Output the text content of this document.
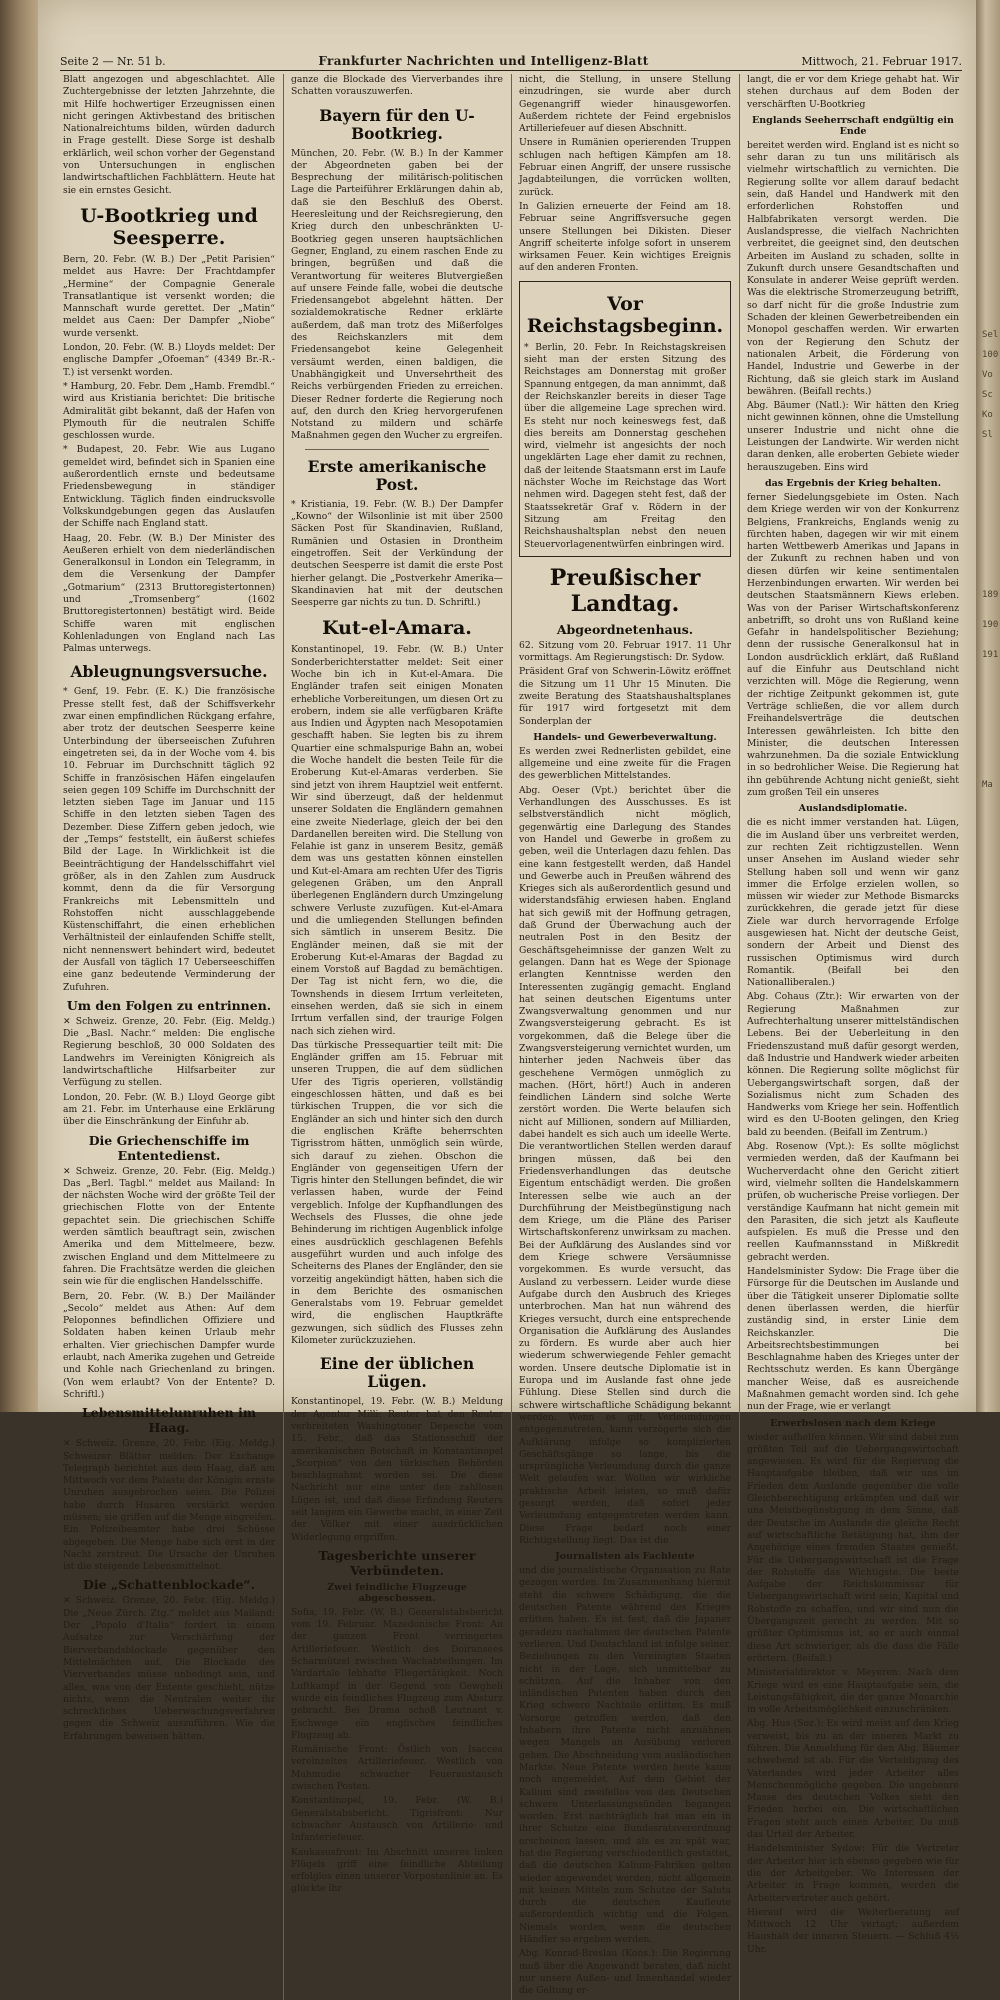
Seite 2 — Nr. 51 b.	Frankfurter Nachrichten und Intelligenz-Blatt	Mittwoch, 21. Februar 1917.

Blatt angezogen und abgeschlachtet. Alle Zuchtergebnisse der letzten Jahrzehnte, die mit Hilfe hochwertiger Erzeugnissen einen nicht geringen Aktivbestand des britischen Nationalreichtums bilden, würden dadurch in Frage gestellt. Diese Sorge ist deshalb erklärlich, weil schon vorher der Gegenstand von Untersuchungen in englischen landwirtschaftlichen Fachblättern. Heute hat sie ein ernstes Gesicht.

U-Bootkrieg und Seesperre.

Bern, 20. Febr. (W. B.) Der „Petit Parisien“ meldet aus Havre: Der Frachtdampfer „Hermine“ der Compagnie Generale Transatlantique ist versenkt worden; die Mannschaft wurde gerettet. Der „Matin“ meldet aus Caen: Der Dampfer „Niobe“ wurde versenkt.

London, 20. Febr. (W. B.) Lloyds meldet: Der englische Dampfer „Ofoeman“ (4349 Br.-R.-T.) ist versenkt worden.

* Hamburg, 20. Febr. Dem „Hamb. Fremdbl.“ wird aus Kristiania berichtet: Die britische Admiralität gibt bekannt, daß der Hafen von Plymouth für die neutralen Schiffe geschlossen wurde.

* Budapest, 20. Febr. Wie aus Lugano gemeldet wird, befindet sich in Spanien eine außerordentlich ernste und bedeutsame Friedensbewegung in ständiger Entwicklung. Täglich finden eindrucksvolle Volkskundgebungen gegen das Auslaufen der Schiffe nach England statt.

Haag, 20. Febr. (W. B.) Der Minister des Aeußeren erhielt von dem niederländischen Generalkonsul in London ein Telegramm, in dem die Versenkung der Dampfer „Gotmarium“ (2313 Bruttoregistertonnen) und „Tromsenberg“ (1602 Bruttoregistertonnen) bestätigt wird. Beide Schiffe waren mit englischen Kohlenladungen von England nach Las Palmas unterwegs.

Ableugnungsversuche.

* Genf, 19. Febr. (E. K.) Die französische Presse stellt fest, daß der Schiffsverkehr zwar einen empfindlichen Rückgang erfahre, aber trotz der deutschen Seesperre keine Unterbindung der überseeischen Zufuhren eingetreten sei, da in der Woche vom 4. bis 10. Februar im Durchschnitt täglich 92 Schiffe in französischen Häfen eingelaufen seien gegen 109 Schiffe im Durchschnitt der letzten sieben Tage im Januar und 115 Schiffe in den letzten sieben Tagen des Dezember. Diese Ziffern geben jedoch, wie der „Temps“ feststellt, ein äußerst schiefes Bild der Lage. In Wirklichkeit ist die Beeinträchtigung der Handelsschiffahrt viel größer, als in den Zahlen zum Ausdruck kommt, denn da die für Versorgung Frankreichs mit Lebensmitteln und Rohstoffen nicht ausschlaggebende Küstenschiffahrt, die einen erheblichen Verhältnisteil der einlaufenden Schiffe stellt, nicht nennenswert behindert wird, bedeutet der Ausfall von täglich 17 Ueberseeschiffen eine ganz bedeutende Verminderung der Zufuhren.

Um den Folgen zu entrinnen.

✕ Schweiz. Grenze, 20. Febr. (Eig. Meldg.) Die „Basl. Nachr.“ melden: Die englische Regierung beschloß, 30 000 Soldaten des Landwehrs im Vereinigten Königreich als landwirtschaftliche Hilfsarbeiter zur Verfügung zu stellen.

London, 20. Febr. (W. B.) Lloyd George gibt am 21. Febr. im Unterhause eine Erklärung über die Einschränkung der Einfuhr ab.

Die Griechenschiffe im Ententedienst.

✕ Schweiz. Grenze, 20. Febr. (Eig. Meldg.) Das „Berl. Tagbl.“ meldet aus Mailand: In der nächsten Woche wird der größte Teil der griechischen Flotte von der Entente gepachtet sein. Die griechischen Schiffe werden sämtlich beauftragt sein, zwischen Amerika und dem Mittelmeere, bezw. zwischen England und dem Mittelmeere zu fahren. Die Frachtsätze werden die gleichen sein wie für die englischen Handelsschiffe.

Bern, 20. Febr. (W. B.) Der Mailänder „Secolo“ meldet aus Athen: Auf dem Peloponnes befindlichen Offiziere und Soldaten haben keinen Urlaub mehr erhalten. Vier griechischen Dampfer wurde erlaubt, nach Amerika zugehen und Getreide und Kohle nach Griechenland zu bringen. (Von wem erlaubt? Von der Entente? D. Schriftl.)

Lebensmittelunruhen im Haag.

✕ Schweiz. Grenze, 20. Febr. (Eig. Meldg.) Schweizer Blätter melden: Der Exchange Telegraph berichtet aus dem Haag, daß am Mittwoch vor dem Palaste der Königin ernste Unruhen ausgebrochen seien. Die Polizei habe durch Husaren verstärkt werden müssen; sie griffen auf die Menge eingreifen. Ein Polizeibeamter habe drei Schüsse abgegeben. Die Menge habe sich erst in der Nacht zerstreut. Die Ursache der Unruhen ist die steigende Lebensmittelnot.

Die „Schattenblockade“.

✕ Schweiz. Grenze, 20. Febr. (Eig. Meldg.) Die „Neue Zürch. Ztg.“ meldet aus Mailand: Der „Popolo d'Italia“ fordert in einem Aufsatze zur Verschärfung der Bierverbandsblockade gegenüber den Mittelmächten auf. Die Blockade des Vierverbandes müsse unbedingt sein, und alles, was von der Entente geschieht, nütze nichts, wenn die Neutralen weiter ihr schreckliches Ueberwachungsverfahren gegen die Schweiz auszuführen. Wie die Erfahrungen beweisen hätten.

ganze die Blockade des Vierverbandes ihre Schatten vorauszuwerfen.

Bayern für den U-Bootkrieg.

München, 20. Febr. (W. B.) In der Kammer der Abgeordneten gaben bei der Besprechung der militärisch-politischen Lage die Parteiführer Erklärungen dahin ab, daß sie den Beschluß des Oberst. Heeresleitung und der Reichsregierung, den Krieg durch den unbeschränkten U-Bootkrieg gegen unseren hauptsächlichen Gegner, England, zu einem raschen Ende zu bringen, begrüßen und daß die Verantwortung für weiteres Blutvergießen auf unsere Feinde falle, wobei die deutsche Friedensangebot abgelehnt hätten. Der sozialdemokratische Redner erklärte außerdem, daß man trotz des Mißerfolges des Reichskanzlers mit dem Friedensangebot keine Gelegenheit versäumt werden, einen baldigen, die Unabhängigkeit und Unversehrtheit des Reichs verbürgenden Frieden zu erreichen. Dieser Redner forderte die Regierung noch auf, den durch den Krieg hervorgerufenen Notstand zu mildern und schärfe Maßnahmen gegen den Wucher zu ergreifen.

Erste amerikanische Post.

* Kristiania, 19. Febr. (W. B.) Der Dampfer „Kowno“ der Wilsonlinie ist mit über 2500 Säcken Post für Skandinavien, Rußland, Rumänien und Ostasien in Drontheim eingetroffen. Seit der Verkündung der deutschen Seesperre ist damit die erste Post hierher gelangt. Die „Postverkehr Amerika—Skandinavien hat mit der deutschen Seesperre gar nichts zu tun. D. Schriftl.)

Kut-el-Amara.

Konstantinopel, 19. Febr. (W. B.) Unter Sonderberichterstatter meldet: Seit einer Woche bin ich in Kut-el-Amara. Die Engländer trafen seit einigen Monaten erhebliche Vorbereitungen, um diesen Ort zu erobern, indem sie alle verfügbaren Kräfte aus Indien und Ägypten nach Mesopotamien geschafft haben. Sie legten bis zu ihrem Quartier eine schmalspurige Bahn an, wobei die Woche handelt die besten Teile für die Eroberung Kut-el-Amaras verderben. Sie sind jetzt von ihrem Hauptziel weit entfernt. Wir sind überzeugt, daß der heldenmut unserer Soldaten die Engländern gemahnen eine zweite Niederlage, gleich der bei den Dardanellen bereiten wird. Die Stellung von Felahie ist ganz in unserem Besitz, gemäß dem was uns gestatten können einstellen und Kut-el-Amara am rechten Ufer des Tigris gelegenen Gräben, um den Anprall überlegenen Engländern durch Umzingelung schwere Verluste zuzufügen. Kut-el-Amara und die umliegenden Stellungen befinden sich sämtlich in unserem Besitz. Die Engländer meinen, daß sie mit der Eroberung Kut-el-Amaras der Bagdad zu einem Vorstoß auf Bagdad zu bemächtigen. Der Tag ist nicht fern, wo die, die Townshends in diesem Irrtum verleiteten, einsehen werden, daß sie sich in einem Irrtum verfallen sind, der traurige Folgen nach sich ziehen wird.

Das türkische Pressequartier teilt mit: Die Engländer griffen am 15. Februar mit unseren Truppen, die auf dem südlichen Ufer des Tigris operieren, vollständig eingeschlossen hätten, und daß es bei türkischen Truppen, die vor sich die Engländer an sich und hinter sich den durch die englischen Kräfte beherrschten Tigrisstrom hätten, unmöglich sein würde, sich darauf zu ziehen. Obschon die Engländer von gegenseitigen Ufern der Tigris hinter den Stellungen befindet, die wir verlassen haben, wurde der Feind vergeblich. Infolge der Kupfhandlungen des Wechsels des Flusses, die ohne jede Behinderung im richtigen Augenblick infolge eines ausdrücklich geschlagenen Befehls ausgeführt wurden und auch infolge des Scheiterns des Planes der Engländer, den sie vorzeitig angekündigt hätten, haben sich die in dem Berichte des osmanischen Generalstabs vom 19. Februar gemeldet wird, die englischen Hauptkräfte gezwungen, sich südlich des Flusses zehn Kilometer zurückzuziehen.

Eine der üblichen Lügen.

Konstantinopel, 19. Febr. (W. B.) Meldung der Agentur Milli: Reuter hat den Reuter verbreiteten Washingtoner Depesche vom 15. Febr., daß das Stationsschiff der amerikanischen Botschaft in Konstantinopel „Scorpion“ von den türkischen Behörden beschlagnahmt worden sei. Die diese Nachricht nur eine unter den zahllosen Lügen ist, und daß diese Erfindung Reuters seit langem ein Gewerbe macht, in einer Zeit der Völker mit einer ausdrücklichen Widerlegung ergriffen.

Tagesberichte unserer Verbündeten.
Zwei feindliche Flugzeuge abgeschossen.

Sofia, 19. Febr. (W. B.) Generalstabsbericht vom 19. Februar. Mazedonische Front: An der ganzen Front verringertes Artilleriefeuer. Westlich des Doiransees Scharmützel zwischen Wachabteilungen. Im Vardartale lebhafte Fliegertätigkeit. Noch Luftkampf in der Gegend von Gewghelí wurde ein feindliches Flugzeug zum Absturz gebracht. Bei Drama schoß Leutnant v. Eschwege ein englisches feindliches Flugzeug ab.

Rumänische Front: Östlich von Isaccea vereinzeltes Artilleriefeuer. Westlich von Mahmudie schwacher Feueraustausch zwischen Posten.

Konstantinopel, 19. Febr. (W. B.) Generalstabsbericht. Tigrisfront: Nur schwacher Austausch von Artillerie- und Infanteriefeuer.

Kaukasusfront: Im Abschnitt unseres linken Flügels griff eine feindliche Abteilung erfolglos einen unserer Vorpostenlinie an. Es glückte ihr

nicht, die Stellung, in unsere Stellung einzudringen, sie wurde aber durch Gegenangriff wieder hinausgeworfen. Außerdem richtete der Feind ergebnislos Artilleriefeuer auf diesen Abschnitt.

Unsere in Rumänien operierenden Truppen schlugen nach heftigen Kämpfen am 18. Februar einen Angriff, der unsere russische Jagdabteilungen, die vorrücken wollten, zurück.

In Galizien erneuerte der Feind am 18. Februar seine Angriffsversuche gegen unsere Stellungen bei Dikisten. Dieser Angriff scheiterte infolge sofort in unserem wirksamen Feuer. Kein wichtiges Ereignis auf den anderen Fronten.

Vor Reichstagsbeginn.

* Berlin, 20. Febr. In Reichstagskreisen sieht man der ersten Sitzung des Reichstages am Donnerstag mit großer Spannung entgegen, da man annimmt, daß der Reichskanzler bereits in dieser Tage über die allgemeine Lage sprechen wird. Es steht nur noch keineswegs fest, daß dies bereits am Donnerstag geschehen wird, vielmehr ist angesichts der noch ungeklärten Lage eher damit zu rechnen, daß der leitende Staatsmann erst im Laufe nächster Woche im Reichstage das Wort nehmen wird. Dagegen steht fest, daß der Staatssekretär Graf v. Rödern in der Sitzung am Freitag den Reichshaushaltsplan nebst den neuen Steuervorlagenentwürfen einbringen wird.

Preußischer Landtag.
Abgeordnetenhaus.

62. Sitzung vom 20. Februar 1917. 11 Uhr vormittags. Am Regierungstisch: Dr. Sydow.

Präsident Graf von Schwerin-Löwitz eröffnet die Sitzung um 11 Uhr 15 Minuten. Die zweite Beratung des Staatshaushaltsplanes für 1917 wird fortgesetzt mit dem Sonderplan der

Handels- und Gewerbeverwaltung.

Es werden zwei Rednerlisten gebildet, eine allgemeine und eine zweite für die Fragen des gewerblichen Mittelstandes.

Abg. Oeser (Vpt.) berichtet über die Verhandlungen des Ausschusses. Es ist selbstverständlich nicht möglich, gegenwärtig eine Darlegung des Standes von Handel und Gewerbe in großem zu geben, weil die Unterlagen dazu fehlen. Das eine kann festgestellt werden, daß Handel und Gewerbe auch in Preußen während des Krieges sich als außerordentlich gesund und widerstandsfähig erwiesen haben. England hat sich gewiß mit der Hoffnung getragen, daß Grund der Überwachung auch der neutralen Post in den Besitz der Geschäftsgeheimnisse der ganzen Welt zu gelangen. Dann hat es Wege der Spionage erlangten Kenntnisse werden den Interessenten zugängig gemacht. England hat seinen deutschen Eigentums unter Zwangsverwaltung genommen und nur Zwangsversteigerung gebracht. Es ist vorgekommen, daß die Belege über die Zwangsversteigerung vernichtet wurden, um hinterher jeden Nachweis über das geschehene Vermögen unmöglich zu machen. (Hört, hört!) Auch in anderen feindlichen Ländern sind solche Werte zerstört worden. Die Werte belaufen sich nicht auf Millionen, sondern auf Milliarden, dabei handelt es sich auch um ideelle Werte. Die verantwortlichen Stellen werden darauf bringen müssen, daß bei den Friedensverhandlungen das deutsche Eigentum entschädigt werden. Die großen Interessen selbe wie auch an der Durchführung der Meistbegünstigung nach dem Kriege, um die Pläne des Pariser Wirtschaftskonferenz unwirksam zu machen. Bei der Aufklärung des Auslandes sind vor dem Kriege schwere Versäumnisse vorgekommen. Es wurde versucht, das Ausland zu verbessern. Leider wurde diese Aufgabe durch den Ausbruch des Krieges unterbrochen. Man hat nun während des Krieges versucht, durch eine entsprechende Organisation die Aufklärung des Auslandes zu fördern. Es wurde aber auch hier wiederum schwerwiegende Fehler gemacht worden. Unsere deutsche Diplomatie ist in Europa und im Auslande fast ohne jede Fühlung. Diese Stellen sind durch die schwere wirtschaftliche Schädigung bekannt werden. Wenn es gilt, Verleumdungen entgegenzutreten, kann verzögerte sich die Aufklärung infolge so komplizierten Geschäftsgänge so lange, bis die ursprüngliche Verleumdung durch die ganze Welt gelaufen war. Wollen wir wirkliche praktische Arbeit leisten, so muß dafür gesorgt werden, daß sofort jeder Verleumdung entgegentreten werden kann. Diese Frage bedarf noch einer Richtigstellung liegt. Das ist die

Journalisten als Fachleute

und die journalistische Organisation zu Rate gezogen werden. Im Zusammenhang hiermit steht die schwere Schädigung, die die deutschen Patente während des Krieges erlitten haben. Es ist fest, daß die Japaner geradezu nachahmen der deutschen Patente verlieren. Und Deutschland ist infolge seiner. Beziehungen zu den Vereinigten Staaten nicht in der Lage, sich unmittelbar zu schützen. Auf die Inhaber von den inländischen Patenten haben durch den Krieg schwere Nachteile erlitten. Es muß Vorsorge getroffen werden, daß den Inhabern ihre Patente nicht anzuähnen wegen Mangels an Ausübung verloren gehen. Die Abschneidung vom ausländischen Markte. Neue Patente werden heute kaum noch angemeldet. Auf dem Gebiet der Kalium sind zweifellos von den Deutschen schwere Unterlassungssünden begangen worden. Erst nachträglich hat man ein in ihrer Schutze eine Bundesratsverordnung erscheinen lassen, und als es zu spät war, hat die Regierung verschiedentlich gestattet, daß die deutschen Kalium-Fabriken gelten wieder angewendet werden, nicht allgemein mit keinen Mitteln zum Schutze der Saluta durch die deutschen Kaufleute außerordentlich wichtig und die Folgen. Niemals worden, wenn die deutschen Händler so ergeben werden.

Abg. Konrad-Breslau (Kons.): Die Regierung muß über die Angewandt beraten, daß nicht nur unsere Außen- und Innenhandel wieder die Geltung er-

langt, die er vor dem Kriege gehabt hat. Wir stehen durchaus auf dem Boden der verschärften U-Bootkrieg

Englands Seeherrschaft endgültig ein Ende

bereitet werden wird. England ist es nicht so sehr daran zu tun uns militärisch als vielmehr wirtschaftlich zu vernichten. Die Regierung sollte vor allem darauf bedacht sein, daß Handel und Handwerk mit den erforderlichen Rohstoffen und Halbfabrikaten versorgt werden. Die Auslandspresse, die vielfach Nachrichten verbreitet, die geeignet sind, den deutschen Arbeiten im Ausland zu schaden, sollte in Zukunft durch unsere Gesandtschaften und Konsulate in anderer Weise geprüft werden. Was die elektrische Stromerzeugung betrifft, so darf nicht für die große Industrie zum Schaden der kleinen Gewerbetreibenden ein Monopol geschaffen werden. Wir erwarten von der Regierung den Schutz der nationalen Arbeit, die Förderung von Handel, Industrie und Gewerbe in der Richtung, daß sie gleich stark im Ausland bewähren. (Beifall rechts.)

Abg. Bäumer (Natl.): Wir hätten den Krieg nicht gewinnen können, ohne die Umstellung unserer Industrie und nicht ohne die Leistungen der Landwirte. Wir werden nicht daran denken, alle eroberten Gebiete wieder herauszugeben. Eins wird

das Ergebnis der Krieg behalten.

ferner Siedelungsgebiete im Osten. Nach dem Kriege werden wir von der Konkurrenz Belgiens, Frankreichs, Englands wenig zu fürchten haben, dagegen wir wir mit einem harten Wettbewerb Amerikas und Japans in der Zukunft zu rechnen haben und von diesen dürfen wir keine sentimentalen Herzenbindungen erwarten. Wir werden bei deutschen Staatsmännern Kiews erleben. Was von der Pariser Wirtschaftskonferenz anbetrifft, so droht uns von Rußland keine Gefahr in handelspolitischer Beziehung; denn der russische Generalkonsul hat in London ausdrücklich erklärt, daß Rußland auf die Einfuhr aus Deutschland nicht verzichten will. Möge die Regierung, wenn der richtige Zeitpunkt gekommen ist, gute Verträge schließen, die vor allem durch Freihandelsverträge die deutschen Interessen gewährleisten. Ich bitte den Minister, die deutschen Interessen wahrzunehmen. Da die soziale Entwicklung in so bedrohlicher Weise. Die Regierung hat ihn gebührende Achtung nicht genießt, sieht zum großen Teil ein unseres

Auslandsdiplomatie.

die es nicht immer verstanden hat. Lügen, die im Ausland über uns verbreitet werden, zur rechten Zeit richtigzustellen. Wenn unser Ansehen im Ausland wieder sehr Stellung haben soll und wenn wir ganz immer die Erfolge erzielen wollen, so müssen wir wieder zur Methode Bismarcks zurückkehren, die gerade jetzt für diese Ziele war durch hervorragende Erfolge ausgewiesen hat. Nicht der deutsche Geist, sondern der Arbeit und Dienst des russischen Optimismus wird durch Romantik. (Beifall bei den Nationalliberalen.)

Abg. Cohaus (Ztr.): Wir erwarten von der Regierung Maßnahmen zur Aufrechterhaltung unserer mittelständischen Lebens. Bei der Ueberleitung in den Friedenszustand muß dafür gesorgt werden, daß Industrie und Handwerk wieder arbeiten können. Die Regierung sollte möglichst für Uebergangswirtschaft sorgen, daß der Sozialismus nicht zum Schaden des Handwerks vom Kriege her sein. Hoffentlich wird es den U-Booten gelingen, den Krieg bald zu beenden. (Beifall im Zentrum.)

Abg. Rosenow (Vpt.): Es sollte möglichst vermieden werden, daß der Kaufmann bei Wucherverdacht ohne den Gericht zitiert wird, vielmehr sollten die Handelskammern prüfen, ob wucherische Preise vorliegen. Der verständige Kaufmann hat nicht gemein mit den Parasiten, die sich jetzt als Kaufleute aufspielen. Es muß die Presse und den reellen Kaufmannsstand in Mißkredit gebracht werden.

Handelsminister Sydow: Die Frage über die Fürsorge für die Deutschen im Auslande und über die Tätigkeit unserer Diplomatie sollte denen überlassen werden, die hierfür zuständig sind, in erster Linie dem Reichskanzler. Die Arbeitsrechtsbestimmungen bei Beschlagnahme haben des Krieges unter der Rechtsschutz werden. Es kann Übergänge mancher Weise, daß es ausreichende Maßnahmen gemacht worden sind. Ich gehe nun der Frage, wie er verlangt

Erwerbslosen nach dem Kriege

wieder aufhelfen können. Wir sind dabei zum größten Teil auf die Uebergangswirtschaft angewiesen. Es wird für die Regierung die Hauptaufgabe bleiben, daß wir uns im Frieden dem Auslande gegenüber die volle Gleichberechtigung erkämpfen und daß wir uns Meistbegünstigung in dem Sinne, daß der Deutsche im Auslande die gleiche Recht auf wirtschaftliche Betätigung hat, ihm der Angehörige eines fremden Staates genießt. Für die Uebergangswirtschaft ist die Frage der Rohstoffe das Wichtigste. Die beste Aufgabe der Reichskommissar für Uebergangswirtschaft wird sein, Kapital und Rohstoffe zu schaffen, und wir sind nun die Übergangszeit gerecht zu werden. Mit so größter Optimismus ist, so er auch einmal diese Art schwieriger, als die dass die Fälle erörtern. (Beifall.)

Ministerialdirektor v. Meyeren: Nach dem Kriege wird es eine Hauptaufgabe sein, die Leistungsfähigkeit, die der ganze Monarchie in volle Arbeitsmöglichkeit einzuschränken.

Abg. Hus (Soz.): Es wird meist auf den Krieg verweist, bis zu an der inneren Markt zu führen. Die Anmeldung für den Abg. Bäumer schwebend ist ab. Für die Verteidigung des Vaterlandes wird jeder Arbeiter alles Menschenmögliche gegeben. Die ungeheure Masse des deutschen Volkes sieht den Frieden herbei ein. Die wirtschaftlichen Fragen steht auch einen Arbeiter. Da muß das Urteil der Arbeiter.

Handelsminister Sydow: Für die Vertreter der Arbeiter hier ich ebenso gegeben wie für die der Arbeitgeber. Wo Interessen der Arbeiter in Frage kommen, werden die Arbeitervertreter auch gehört.

Hierauf wird die Weiterberatung auf Mittwoch 12 Uhr vertagt; außerdem Haushalt der inneren Steuern. — Schluß 4½ Uhr.

Sel
100
Vo
Sc
Ko
Sl
189
190
191
Ma
